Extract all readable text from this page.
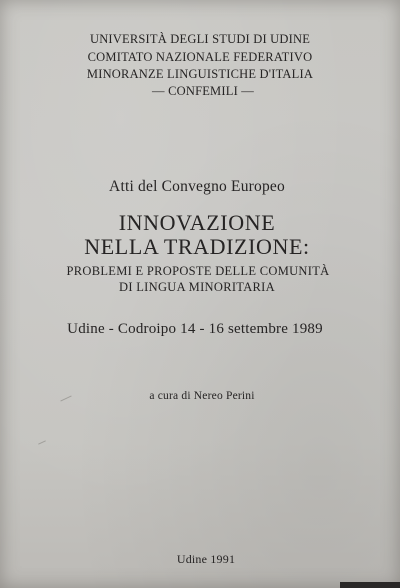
UNIVERSITÀ DEGLI STUDI DI UDINE
COMITATO NAZIONALE FEDERATIVO
MINORANZE LINGUISTICHE D'ITALIA
— CONFEMILI —
Atti del Convegno Europeo
INNOVAZIONE
NELLA TRADIZIONE:
PROBLEMI E PROPOSTE DELLE COMUNITÀ
DI LINGUA MINORITARIA
Udine - Codroipo 14 - 16 settembre 1989
a cura di Nereo Perini
Udine 1991
